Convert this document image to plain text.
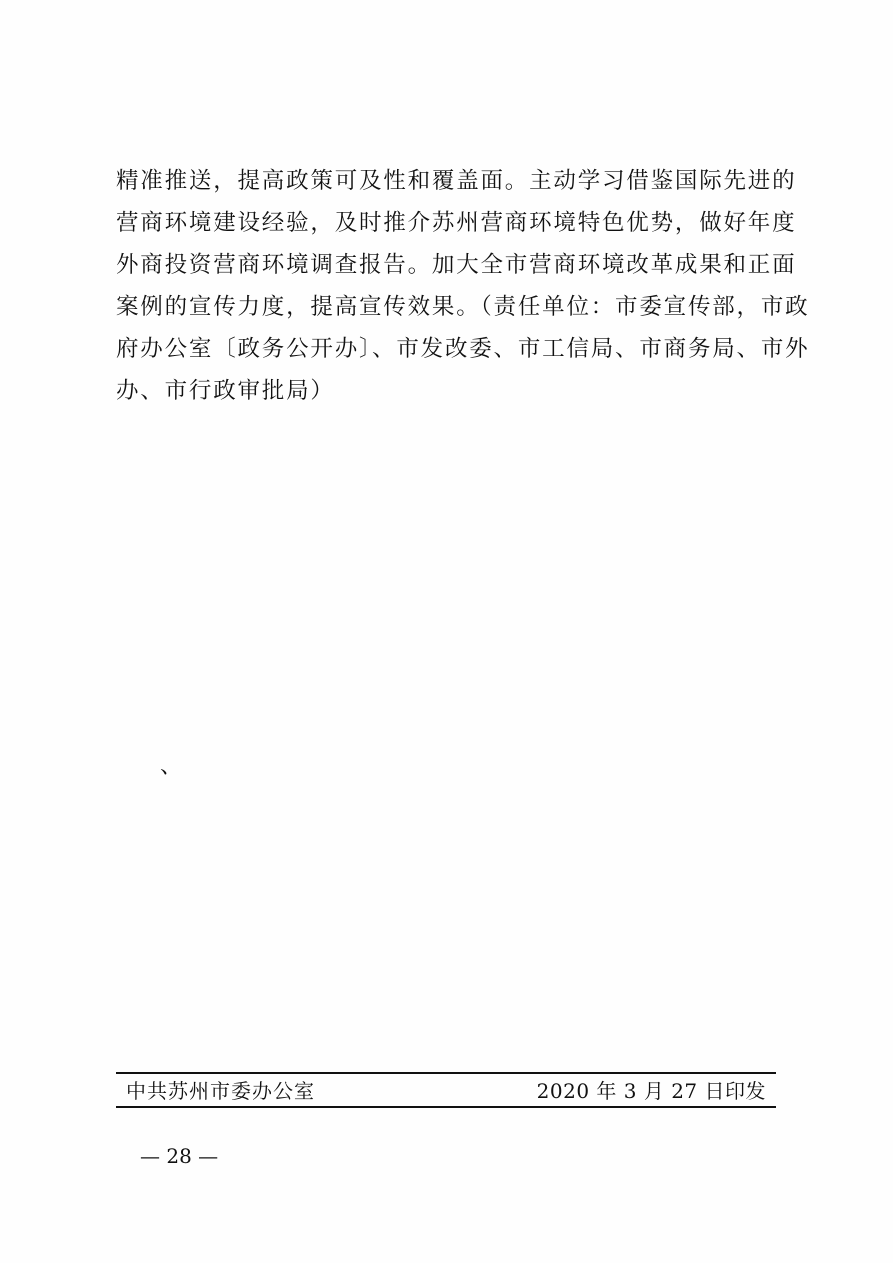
精准推送，提高政策可及性和覆盖面。主动学习借鉴国际先进的
营商环境建设经验，及时推介苏州营商环境特色优势，做好年度
外商投资营商环境调查报告。加大全市营商环境改革成果和正面
案例的宣传力度，提高宣传效果。（责任单位：市委宣传部，市政
府办公室〔政务公开办〕、市发改委、市工信局、市商务局、市外
办、市行政审批局）
、
中共苏州市委办公室	2020 年 3 月 27 日印发
— 28 —
